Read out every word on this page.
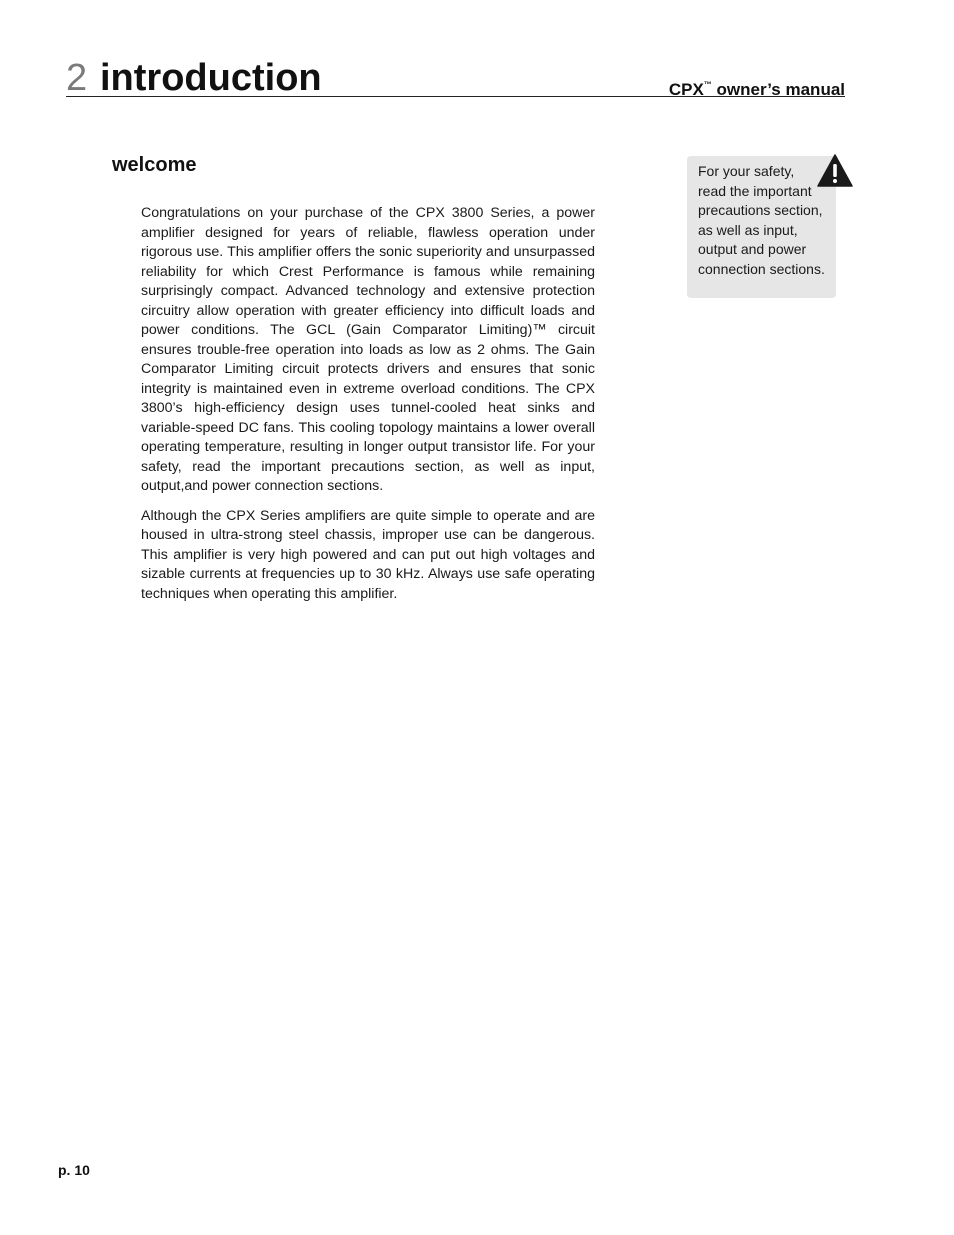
2 introduction	CPX™ owner’s manual
welcome

Congratulations on your purchase of the CPX 3800 Series, a power amplifier designed for years of reliable, flawless operation under rigorous use. This amplifier offers the sonic superiority and unsurpassed reliability for which Crest Performance is famous while remaining surprisingly compact. Advanced technology and extensive protection circuitry allow operation with greater efficiency into difficult loads and power conditions. The GCL (Gain Comparator Limiting)™ circuit ensures trouble-free operation into loads as low as 2 ohms. The Gain Comparator Limiting circuit protects drivers and ensures that sonic integrity is maintained even in extreme overload conditions. The CPX 3800’s high-efficiency design uses tunnel-cooled heat sinks and variable-speed DC fans. This cooling topology maintains a lower overall operating temperature, resulting in longer output transistor life. For your safety, read the important precautions section, as well as input, output,and power connection sections.

Although the CPX Series amplifiers are quite simple to operate and are housed in ultra-strong steel chassis, improper use can be dangerous. This amplifier is very high powered and can put out high voltages and sizable currents at frequencies up to 30 kHz. Always use safe operating techniques when operating this amplifier.

For your safety,
read the important
precautions section,
as well as input,
output and power
connection sections.
p. 10
